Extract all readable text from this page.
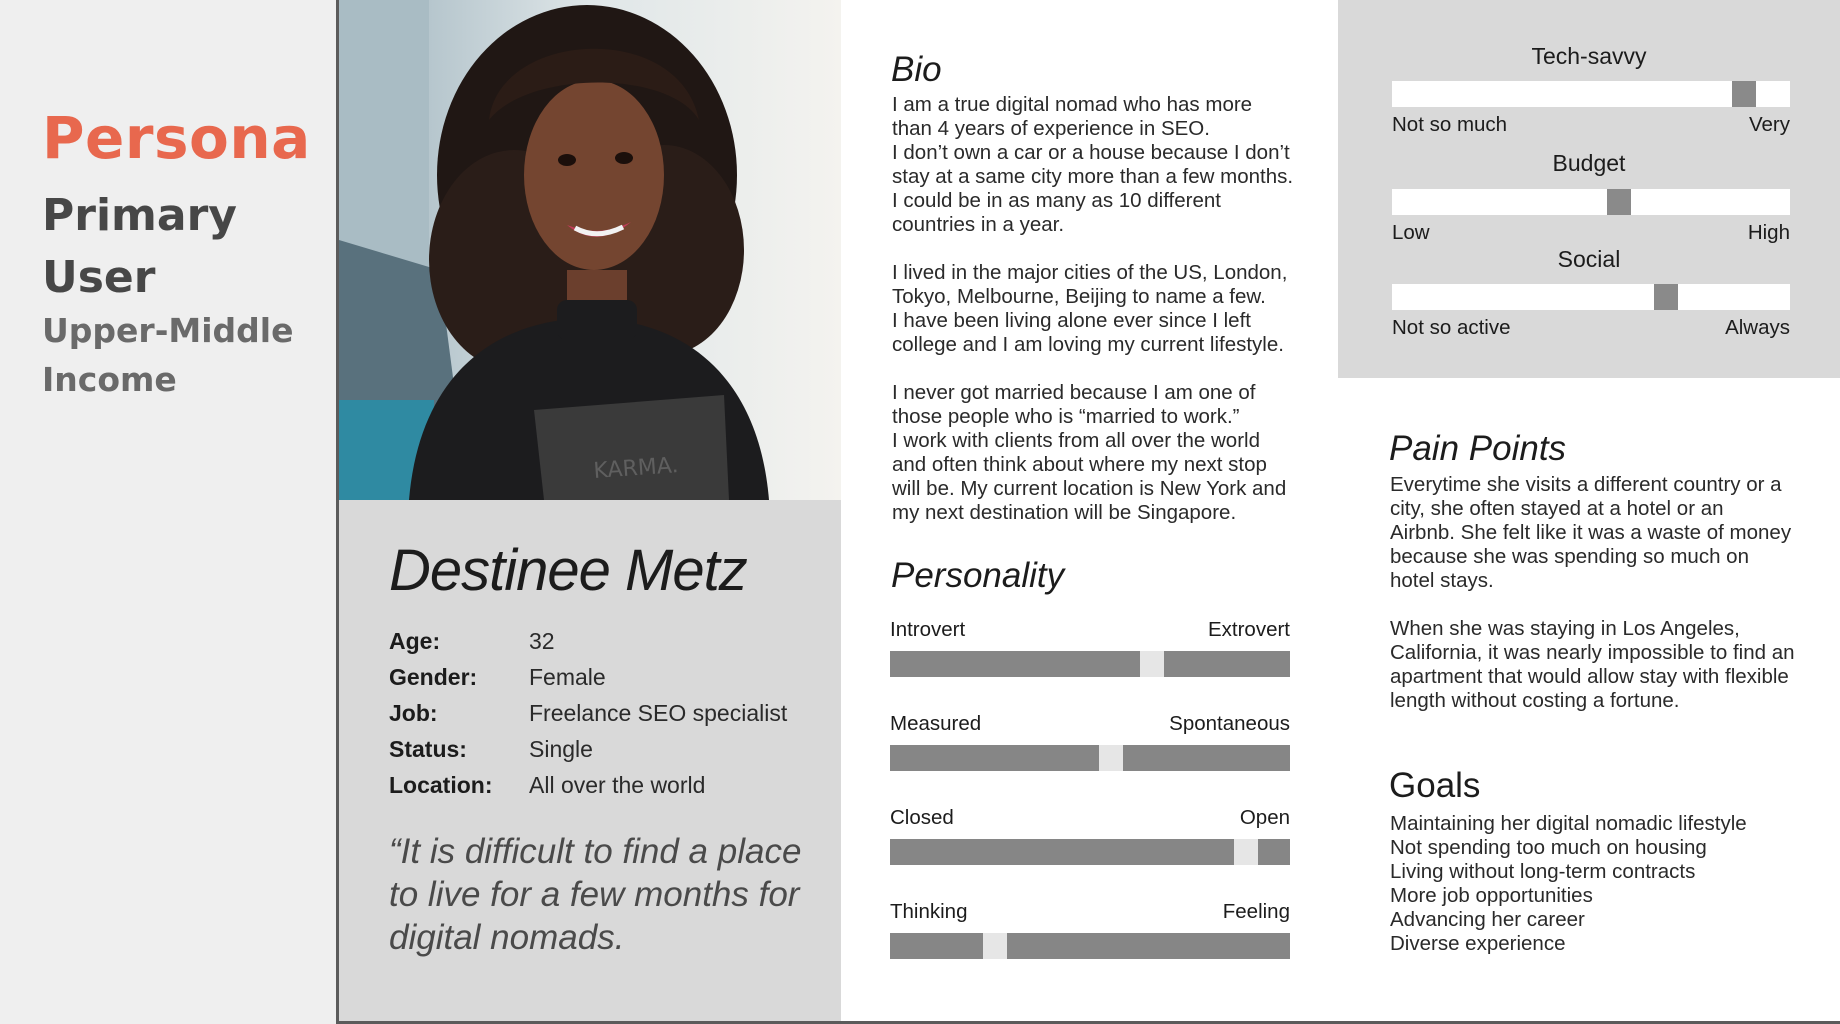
Persona
Primary
User
Upper-Middle
Income
KARMA.
Destinee Metz
Age:	32
Gender: Female
Job:	Freelance SEO specialist
Status:	Single
Location: All over the world
“It is difficult to find a place
to live for a few months for
digital nomads.
Bio

I am a true digital nomad who has more
than 4 years of experience in SEO.
I don’t own a car or a house because I don’t
stay at a same city more than a few months.
I could be in as many as 10 different
countries in a year.

I lived in the major cities of the US, London,
Tokyo, Melbourne, Beijing to name a few.
I have been living alone ever since I left
college and I am loving my current lifestyle.

I never got married because I am one of
those people who is “married to work.”
I work with clients from all over the world
and often think about where my next stop
will be. My current location is New York and
my next destination will be Singapore.

Personality
Introvert	Extrovert
Measured	Spontaneous
Closed	Open
Thinking	Feeling
Tech-savvy
Not so much	Very
Budget
Low	High
Social
Not so active	Always
Pain Points

Everytime she visits a different country or a
city, she often stayed at a hotel or an
Airbnb. She felt like it was a waste of money
because she was spending so much on
hotel stays.

When she was staying in Los Angeles,
California, it was nearly impossible to find an
apartment that would allow stay with flexible
length without costing a fortune.

Goals
Maintaining her digital nomadic lifestyle
Not spending too much on housing
Living without long-term contracts
More job opportunities
Advancing her career
Diverse experience
